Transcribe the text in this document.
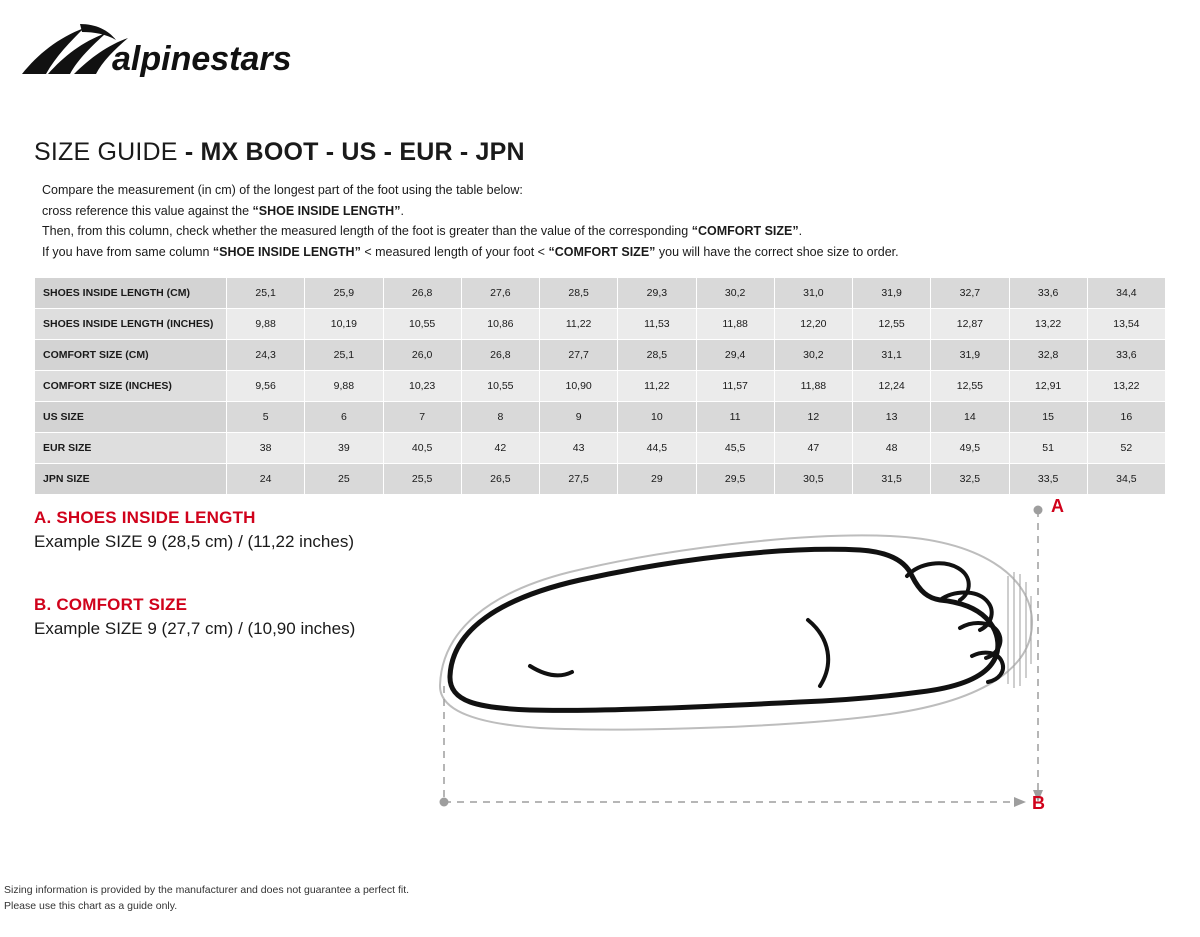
alpinestars
SIZE GUIDE - MX BOOT - US - EUR - JPN
Compare the measurement (in cm) of the longest part of the foot using the table below:
cross reference this value against the “SHOE INSIDE LENGTH”.
Then, from this column, check whether the measured length of the foot is greater than the value of the corresponding “COMFORT SIZE”.
If you have from same column “SHOE INSIDE LENGTH” < measured length of your foot < “COMFORT SIZE” you will have the correct shoe size to order.
SHOES INSIDE LENGTH (CM)	25,1	25,9	26,8	27,6	28,5	29,3	30,2	31,0	31,9	32,7	33,6	34,4
SHOES INSIDE LENGTH (INCHES)	9,88	10,19	10,55	10,86	11,22	11,53	11,88	12,20	12,55	12,87	13,22	13,54
COMFORT SIZE (CM)	24,3	25,1	26,0	26,8	27,7	28,5	29,4	30,2	31,1	31,9	32,8	33,6
COMFORT SIZE (INCHES)	9,56	9,88	10,23	10,55	10,90	11,22	11,57	11,88	12,24	12,55	12,91	13,22
US SIZE	5	6	7	8	9	10	11	12	13	14	15	16
EUR SIZE	38	39	40,5	42	43	44,5	45,5	47	48	49,5	51	52
JPN SIZE	24	25	25,5	26,5	27,5	29	29,5	30,5	31,5	32,5	33,5	34,5
A. SHOES INSIDE LENGTH

Example SIZE 9 (28,5 cm) / (11,22 inches)

B. COMFORT SIZE

Example SIZE 9 (27,7 cm) / (10,90 inches)

A
B
Sizing information is provided by the manufacturer and does not guarantee a perfect fit.
Please use this chart as a guide only.
